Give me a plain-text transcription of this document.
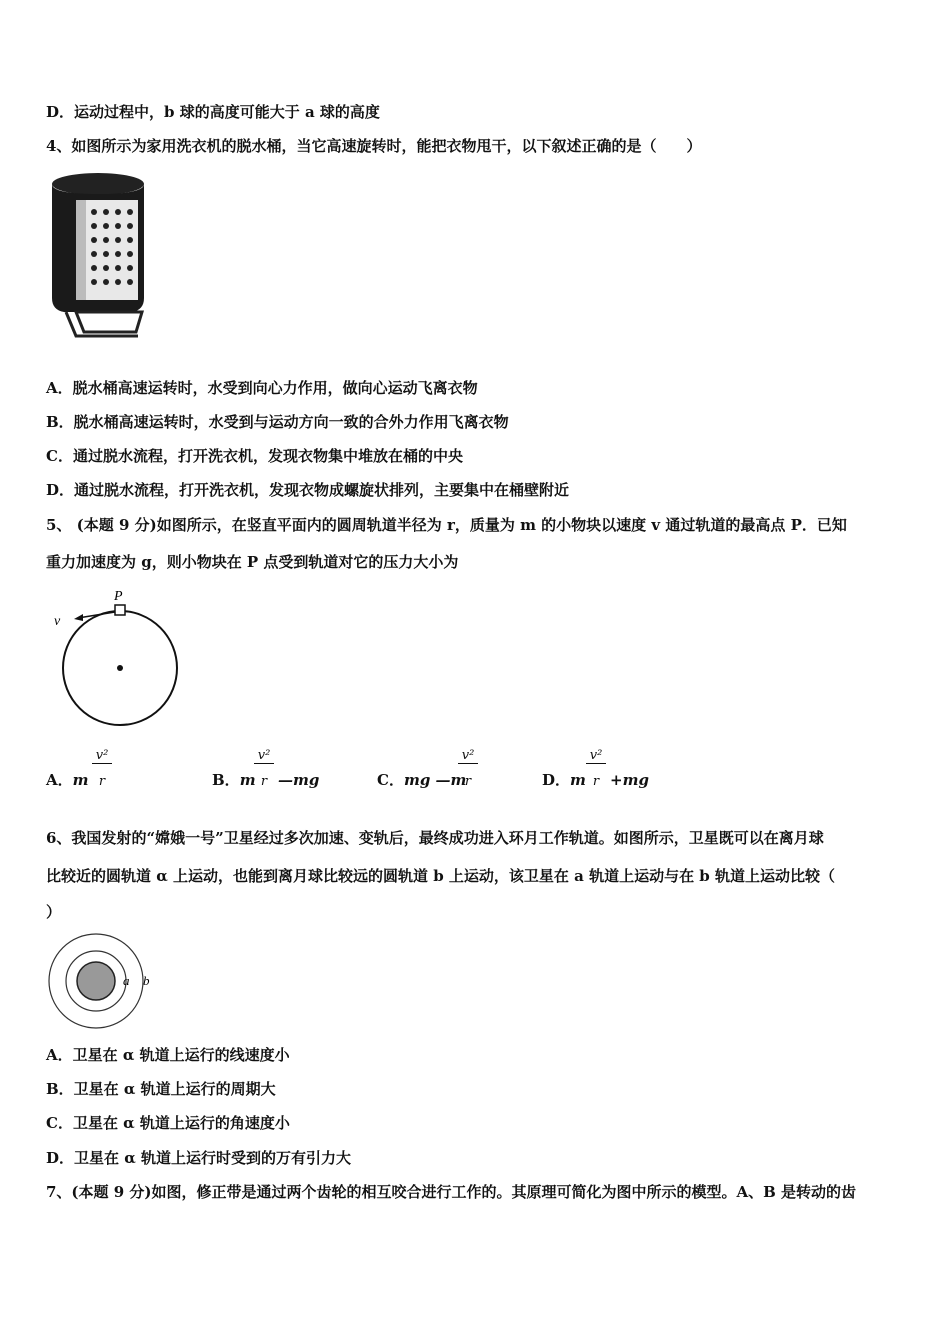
D．运动过程中，b 球的高度可能大于 a 球的高度
4、如图所示为家用洗衣机的脱水桶，当它高速旋转时，能把衣物甩干，以下叙述正确的是（　　）
A．脱水桶高速运转时，水受到向心力作用，做向心运动飞离衣物
B．脱水桶高速运转时，水受到与运动方向一致的合外力作用飞离衣物
C．通过脱水流程，打开洗衣机，发现衣物集中堆放在桶的中央
D．通过脱水流程，打开洗衣机，发现衣物成螺旋状排列，主要集中在桶壁附近
5、 (本题 9 分)如图所示，在竖直平面内的圆周轨道半径为 r，质量为 m 的小物块以速度 v 通过轨道的最高点 P．已知
重力加速度为 g，则小物块在 P 点受到轨道对它的压力大小为
P
v
A．m
v²
r	B．m
v²
r —mg	C．mg —m
v²
r	D．m
v²
r +mg
6、我国发射的“嫦娥一号”卫星经过多次加速、变轨后，最终成功进入环月工作轨道。如图所示，卫星既可以在离月球
比较近的圆轨道 α 上运动，也能到离月球比较远的圆轨道 b 上运动，该卫星在 a 轨道上运动与在 b 轨道上运动比较（
）
a b
A．卫星在 α 轨道上运行的线速度小
B．卫星在 α 轨道上运行的周期大
C．卫星在 α 轨道上运行的角速度小
D．卫星在 α 轨道上运行时受到的万有引力大
7、(本题 9 分)如图，修正带是通过两个齿轮的相互咬合进行工作的。其原理可简化为图中所示的模型。A、B 是转动的齿
